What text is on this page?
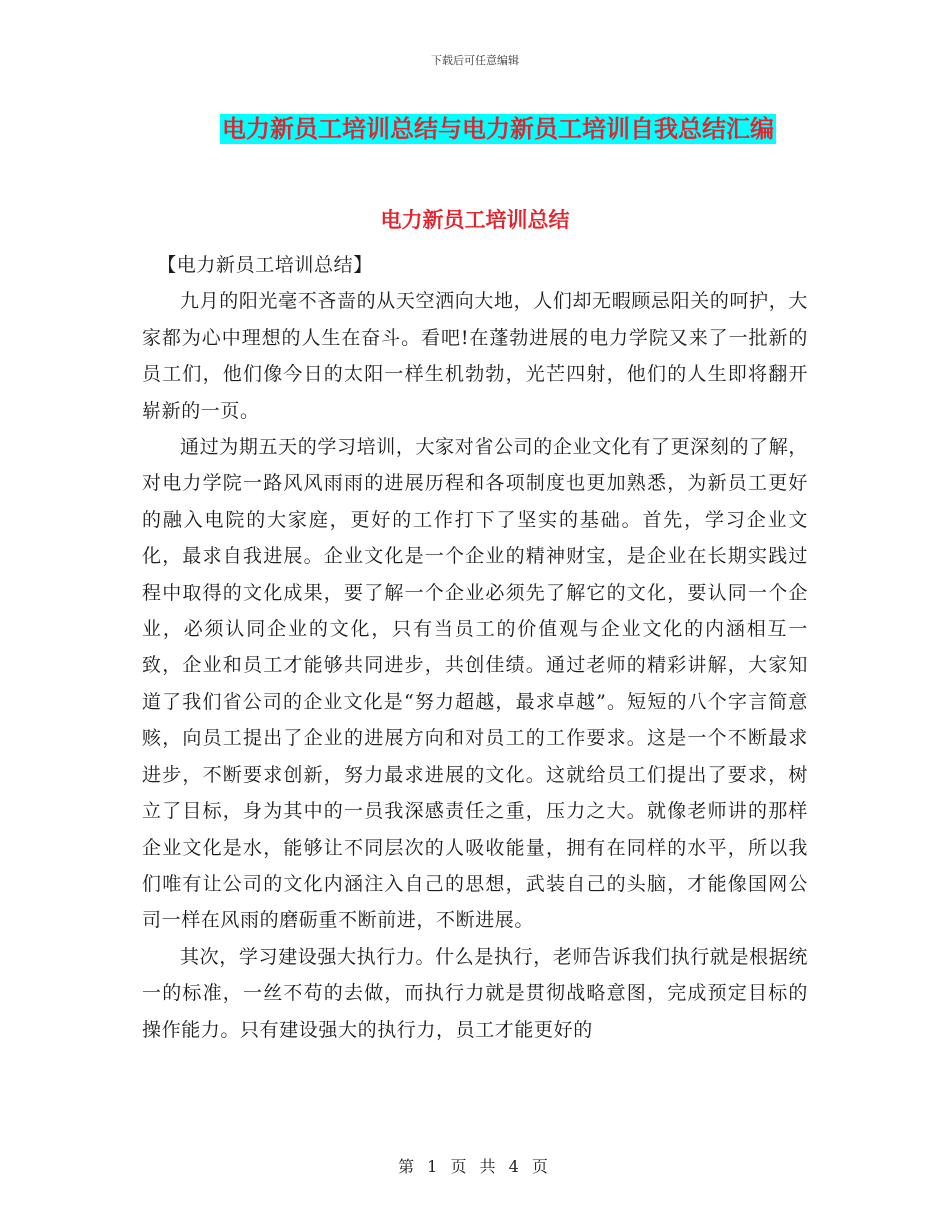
下载后可任意编辑
电力新员工培训总结与电力新员工培训自我总结汇编
电力新员工培训总结

【电力新员工培训总结】

九月的阳光毫不吝啬的从天空洒向大地，人们却无暇顾忌阳关的呵护，大家都为心中理想的人生在奋斗。看吧!在蓬勃进展的电力学院又来了一批新的员工们，他们像今日的太阳一样生机勃勃，光芒四射，他们的人生即将翻开崭新的一页。

通过为期五天的学习培训，大家对省公司的企业文化有了更深刻的了解，对电力学院一路风风雨雨的进展历程和各项制度也更加熟悉，为新员工更好的融入电院的大家庭，更好的工作打下了坚实的基础。首先，学习企业文化，最求自我进展。企业文化是一个企业的精神财宝，是企业在长期实践过程中取得的文化成果，要了解一个企业必须先了解它的文化，要认同一个企业，必须认同企业的文化，只有当员工的价值观与企业文化的内涵相互一致，企业和员工才能够共同进步，共创佳绩。通过老师的精彩讲解，大家知道了我们省公司的企业文化是“努力超越，最求卓越”。短短的八个字言简意赅，向员工提出了企业的进展方向和对员工的工作要求。这是一个不断最求进步，不断要求创新，努力最求进展的文化。这就给员工们提出了要求，树立了目标，身为其中的一员我深感责任之重，压力之大。就像老师讲的那样企业文化是水，能够让不同层次的人吸收能量，拥有在同样的水平，所以我们唯有让公司的文化内涵注入自己的思想，武装自己的头脑，才能像国网公司一样在风雨的磨砺重不断前进，不断进展。

其次，学习建设强大执行力。什么是执行，老师告诉我们执行就是根据统一的标准，一丝不苟的去做，而执行力就是贯彻战略意图，完成预定目标的操作能力。只有建设强大的执行力，员工才能更好的

第 1 页 共 4 页
